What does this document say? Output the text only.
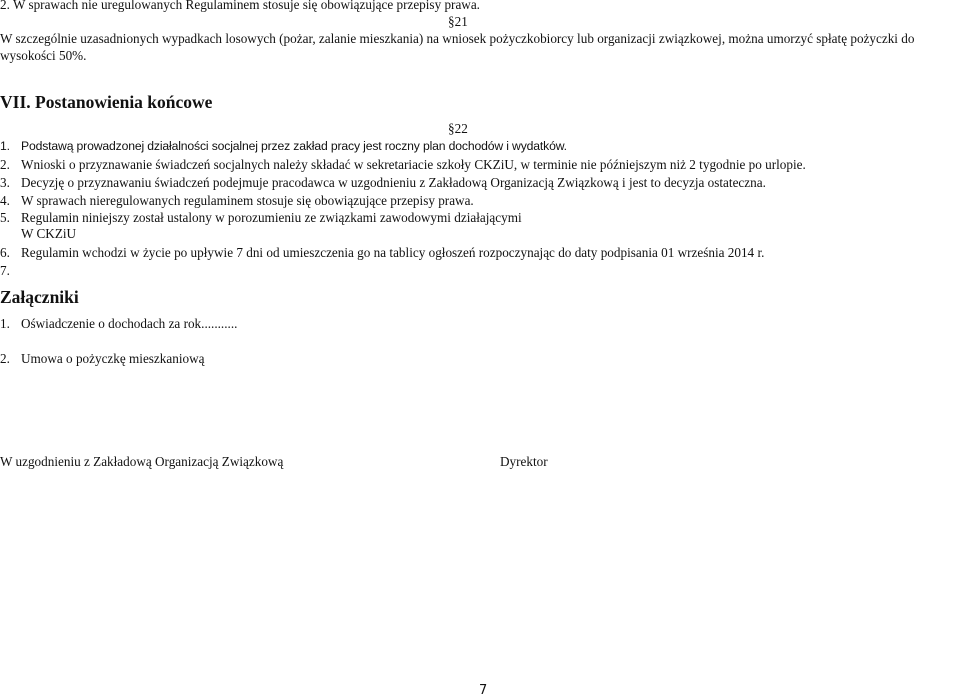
2. W sprawach nie uregulowanych Regulaminem stosuje się obowiązujące przepisy prawa.
§21
W szczególnie uzasadnionych wypadkach losowych (pożar, zalanie mieszkania) na wniosek pożyczkobiorcy lub organizacji związkowej, można umorzyć spłatę pożyczki do
wysokości 50%.
VII. Postanowienia końcowe
§22
1. Podstawą prowadzonej działalności socjalnej przez zakład pracy jest roczny plan dochodów i wydatków.
2. Wnioski o przyznawanie świadczeń socjalnych należy składać w sekretariacie szkoły CKZiU, w terminie nie późniejszym niż 2 tygodnie po urlopie.
3. Decyzję o przyznawaniu świadczeń podejmuje pracodawca w uzgodnieniu z Zakładową Organizacją Związkową i jest to decyzja ostateczna.
4. W sprawach nieregulowanych regulaminem stosuje się obowiązujące przepisy prawa.
5. Regulamin niniejszy został ustalony w porozumieniu ze związkami zawodowymi działającymi
W CKZiU
6. Regulamin wchodzi w życie po upływie 7 dni od umieszczenia go na tablicy ogłoszeń rozpoczynając do daty podpisania 01 września 2014 r.
7.
Załączniki
1. Oświadczenie o dochodach za rok...........
2. Umowa o pożyczkę mieszkaniową
W uzgodnieniu z Zakładową Organizacją Związkową	Dyrektor
7
